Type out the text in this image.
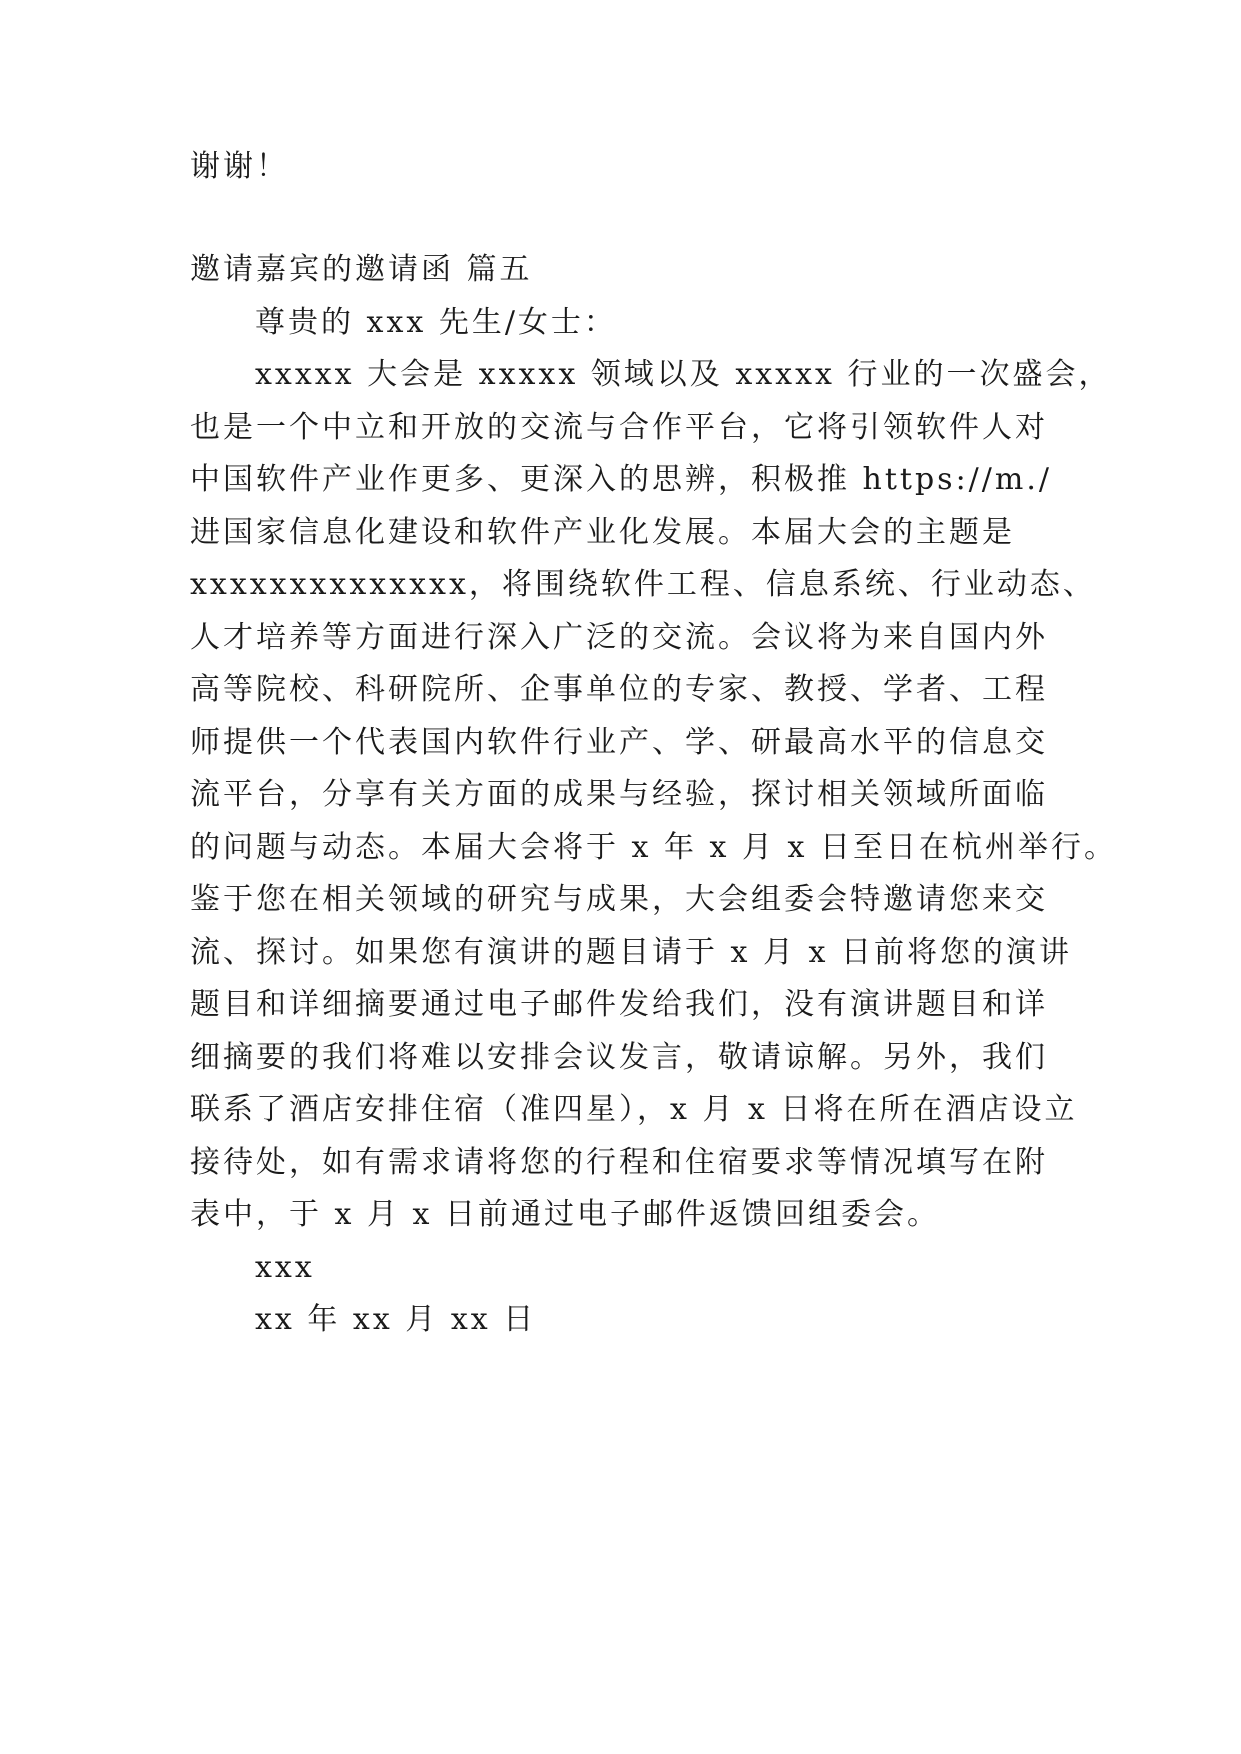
谢谢！
邀请嘉宾的邀请函 篇五
尊贵的 xxx 先生/女士：
xxxxx 大会是 xxxxx 领域以及 xxxxx 行业的一次盛会，
也是一个中立和开放的交流与合作平台，它将引领软件人对
中国软件产业作更多、更深入的思辨，积极推 https://m./
进国家信息化建设和软件产业化发展。本届大会的主题是
xxxxxxxxxxxxxx，将围绕软件工程、信息系统、行业动态、
人才培养等方面进行深入广泛的交流。会议将为来自国内外
高等院校、科研院所、企事单位的专家、教授、学者、工程
师提供一个代表国内软件行业产、学、研最高水平的信息交
流平台，分享有关方面的成果与经验，探讨相关领域所面临
的问题与动态。本届大会将于 x 年 x 月 x 日至日在杭州举行。
鉴于您在相关领域的研究与成果，大会组委会特邀请您来交
流、探讨。如果您有演讲的题目请于 x 月 x 日前将您的演讲
题目和详细摘要通过电子邮件发给我们，没有演讲题目和详
细摘要的我们将难以安排会议发言，敬请谅解。另外，我们
联系了酒店安排住宿（准四星），x 月 x 日将在所在酒店设立
接待处，如有需求请将您的行程和住宿要求等情况填写在附
表中，于 x 月 x 日前通过电子邮件返馈回组委会。
xxx
xx 年 xx 月 xx 日
